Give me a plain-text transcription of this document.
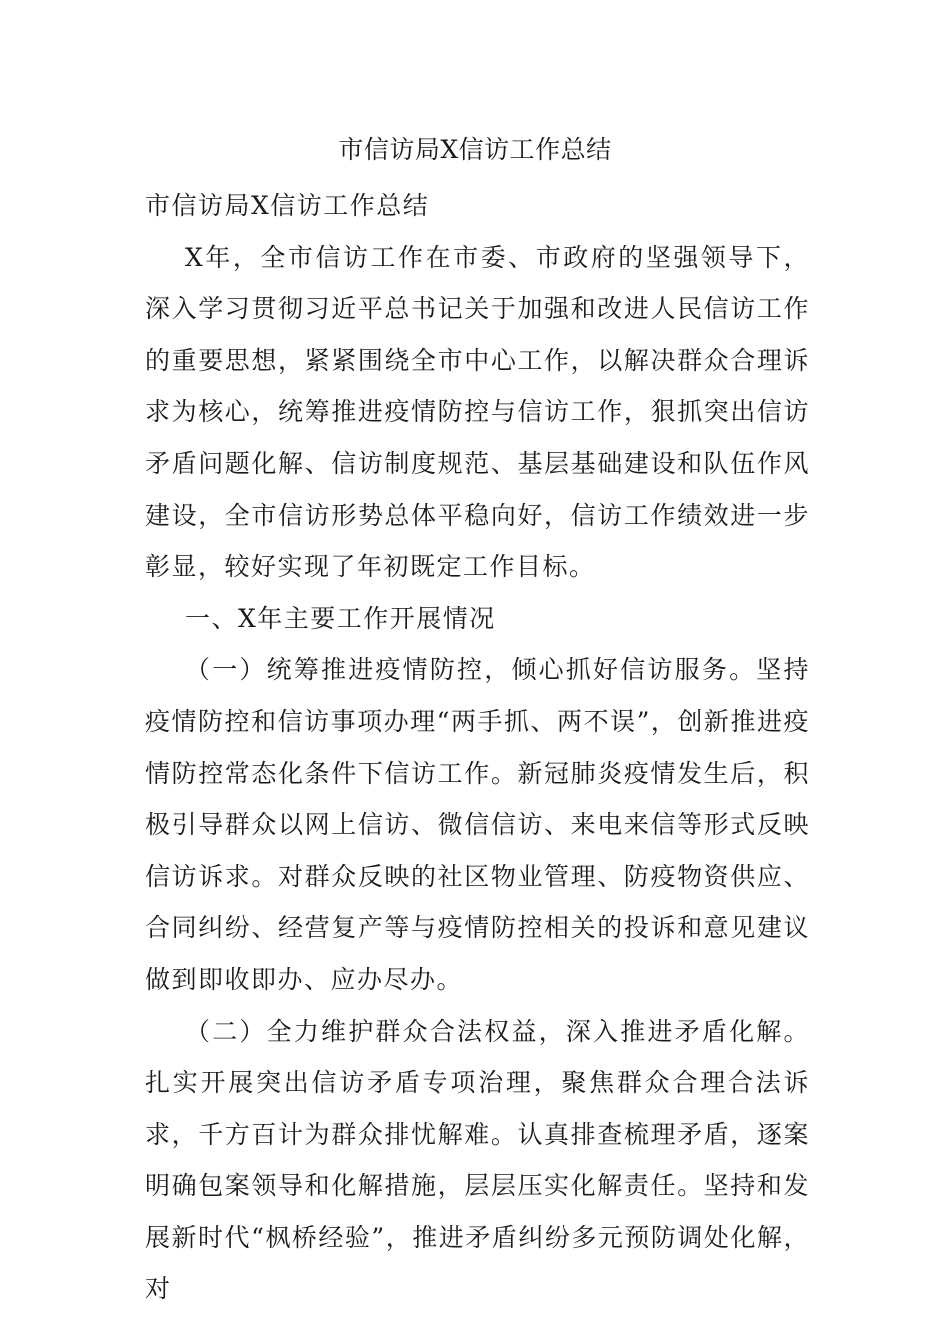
市信访局X信访工作总结

市信访局X信访工作总结

X年，全市信访工作在市委、市政府的坚强领导下，深入学习贯彻习近平总书记关于加强和改进人民信访工作的重要思想，紧紧围绕全市中心工作，以解决群众合理诉求为核心，统筹推进疫情防控与信访工作，狠抓突出信访矛盾问题化解、信访制度规范、基层基础建设和队伍作风建设，全市信访形势总体平稳向好，信访工作绩效进一步彰显，较好实现了年初既定工作目标。

一、X年主要工作开展情况

（一）统筹推进疫情防控，倾心抓好信访服务。坚持疫情防控和信访事项办理“两手抓、两不误”，创新推进疫情防控常态化条件下信访工作。新冠肺炎疫情发生后，积极引导群众以网上信访、微信信访、来电来信等形式反映信访诉求。对群众反映的社区物业管理、防疫物资供应、合同纠纷、经营复产等与疫情防控相关的投诉和意见建议做到即收即办、应办尽办。

（二）全力维护群众合法权益，深入推进矛盾化解。扎实开展突出信访矛盾专项治理，聚焦群众合理合法诉求，千方百计为群众排忧解难。认真排查梳理矛盾，逐案明确包案领导和化解措施，层层压实化解责任。坚持和发展新时代“枫桥经验”，推进矛盾纠纷多元预防调处化解，对
